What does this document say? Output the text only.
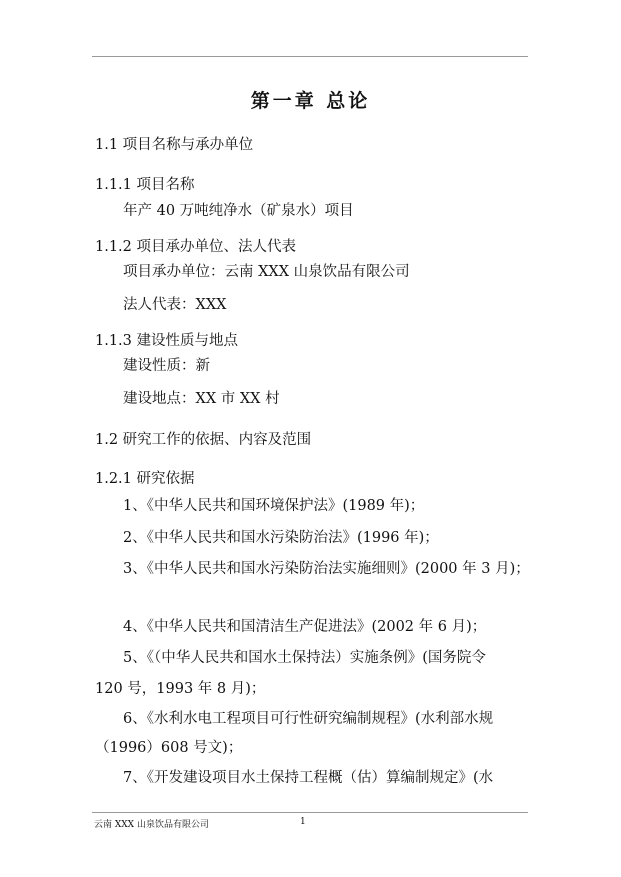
第一章 总论
1.1 项目名称与承办单位
1.1.1 项目名称
年产 40 万吨纯净水（矿泉水）项目
1.1.2 项目承办单位、法人代表
项目承办单位：云南 XXX 山泉饮品有限公司
法人代表：XXX
1.1.3 建设性质与地点
建设性质：新
建设地点：XX 市 XX 村
1.2 研究工作的依据、内容及范围
1.2.1 研究依据
1、《中华人民共和国环境保护法》(1989 年)；
2、《中华人民共和国水污染防治法》(1996 年)；
3、《中华人民共和国水污染防治法实施细则》(2000 年 3 月)；
4、《中华人民共和国清洁生产促进法》(2002 年 6 月)；
5、《（中华人民共和国水土保持法）实施条例》(国务院令
120 号，1993 年 8 月)；
6、《水利水电工程项目可行性研究编制规程》(水利部水规
（1996）608 号文)；
7、《开发建设项目水土保持工程概（估）算编制规定》(水
云南 XXX 山泉饮品有限公司	1
